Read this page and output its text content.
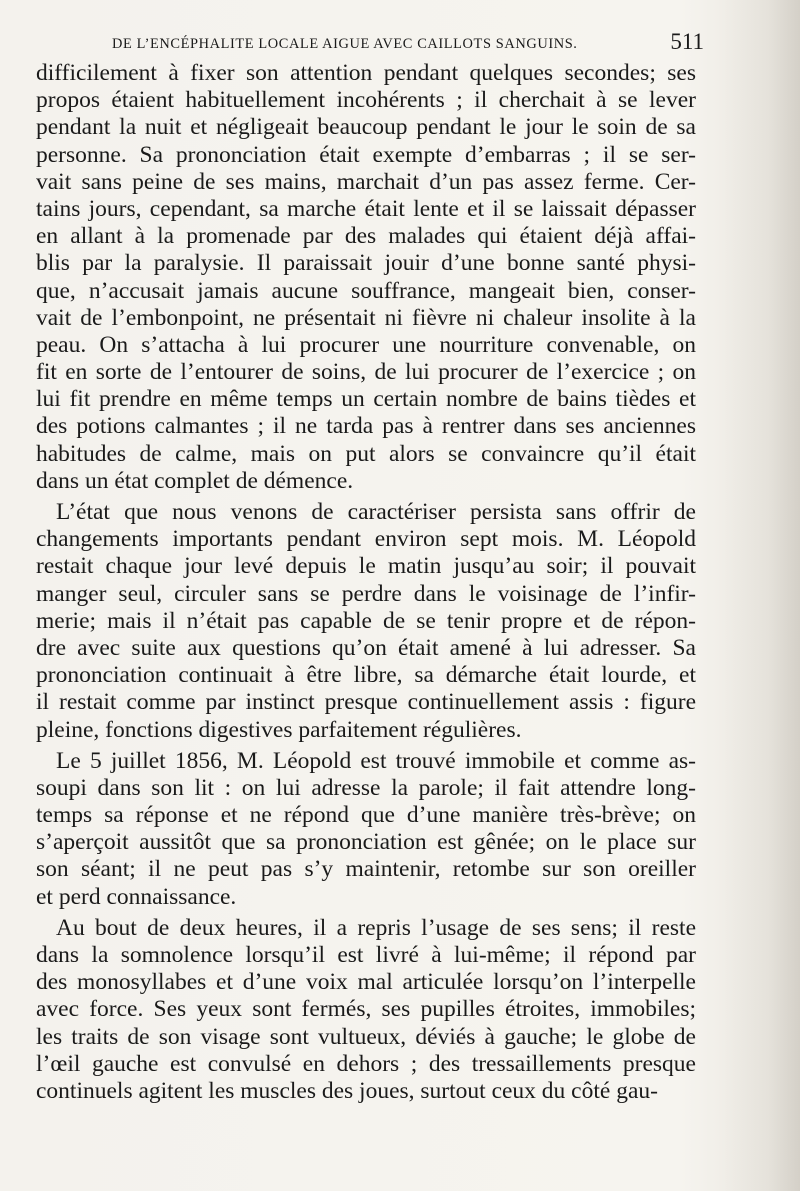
DE L’ENCÉPHALITE LOCALE AIGUE AVEC CAILLOTS SANGUINS.	511

difficilement à fixer son attention pendant quelques secondes; ses
propos étaient habituellement incohérents ; il cherchait à se lever
pendant la nuit et négligeait beaucoup pendant le jour le soin de sa
personne. Sa prononciation était exempte d’embarras ; il se ser-
vait sans peine de ses mains, marchait d’un pas assez ferme. Cer-
tains jours, cependant, sa marche était lente et il se laissait dépasser
en allant à la promenade par des malades qui étaient déjà affai-
blis par la paralysie. Il paraissait jouir d’une bonne santé physi-
que, n’accusait jamais aucune souffrance, mangeait bien, conser-
vait de l’embonpoint, ne présentait ni fièvre ni chaleur insolite à la
peau. On s’attacha à lui procurer une nourriture convenable, on
fit en sorte de l’entourer de soins, de lui procurer de l’exercice ; on
lui fit prendre en même temps un certain nombre de bains tièdes et
des potions calmantes ; il ne tarda pas à rentrer dans ses anciennes
habitudes de calme, mais on put alors se convaincre qu’il était
dans un état complet de démence.

L’état que nous venons de caractériser persista sans offrir de
changements importants pendant environ sept mois. M. Léopold
restait chaque jour levé depuis le matin jusqu’au soir; il pouvait
manger seul, circuler sans se perdre dans le voisinage de l’infir-
merie; mais il n’était pas capable de se tenir propre et de répon-
dre avec suite aux questions qu’on était amené à lui adresser. Sa
prononciation continuait à être libre, sa démarche était lourde, et
il restait comme par instinct presque continuellement assis : figure
pleine, fonctions digestives parfaitement régulières.

Le 5 juillet 1856, M. Léopold est trouvé immobile et comme as-
soupi dans son lit : on lui adresse la parole; il fait attendre long-
temps sa réponse et ne répond que d’une manière très-brève; on
s’aperçoit aussitôt que sa prononciation est gênée; on le place sur
son séant; il ne peut pas s’y maintenir, retombe sur son oreiller
et perd connaissance.

Au bout de deux heures, il a repris l’usage de ses sens; il reste
dans la somnolence lorsqu’il est livré à lui-même; il répond par
des monosyllabes et d’une voix mal articulée lorsqu’on l’interpelle
avec force. Ses yeux sont fermés, ses pupilles étroites, immobiles;
les traits de son visage sont vultueux, déviés à gauche; le globe de
l’œil gauche est convulsé en dehors ; des tressaillements presque
continuels agitent les muscles des joues, surtout ceux du côté gau-
